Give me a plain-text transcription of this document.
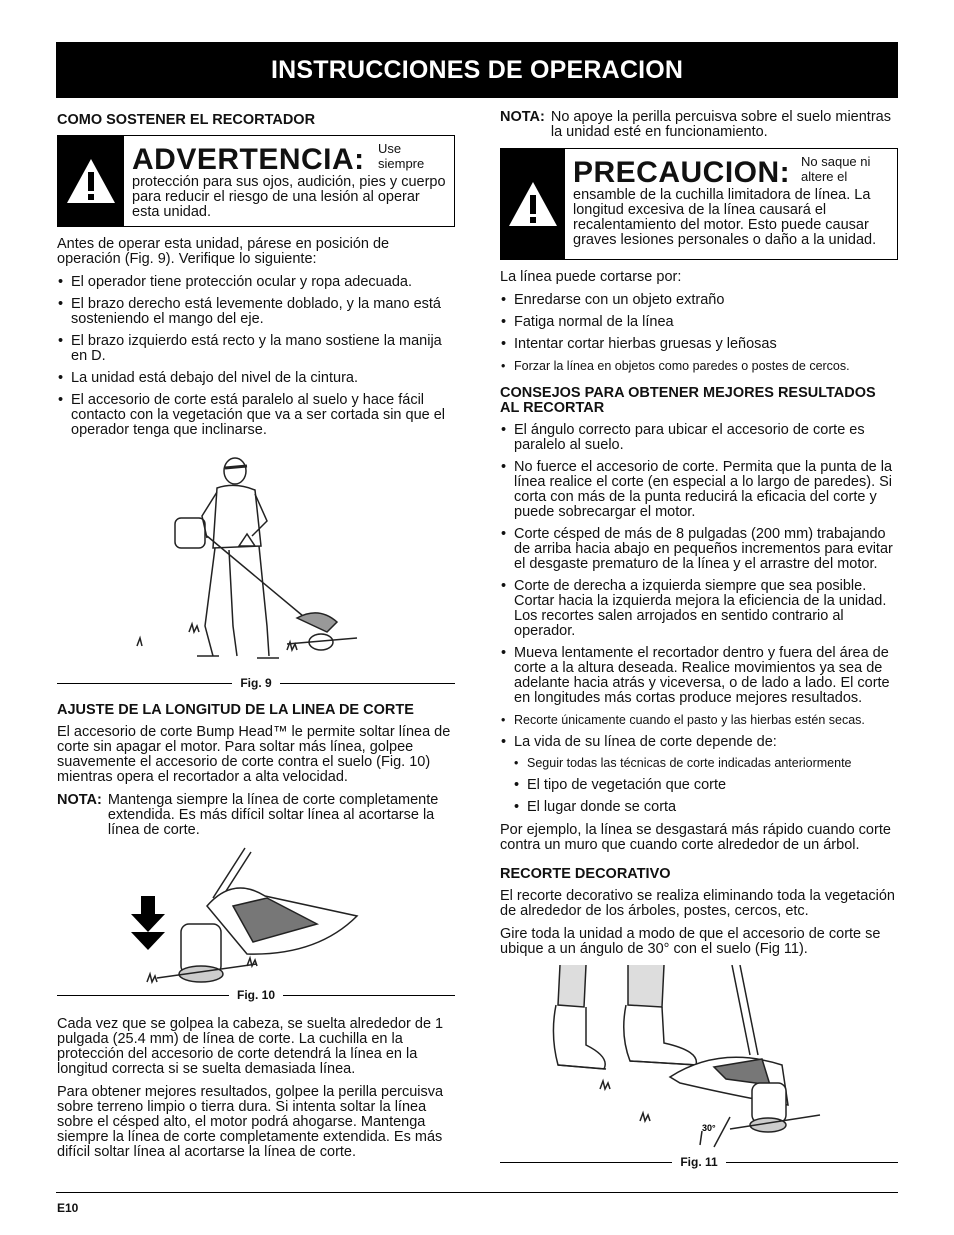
INSTRUCCIONES DE OPERACION
COMO SOSTENER EL RECORTADOR
ADVERTENCIA: Use siempre
protección para sus ojos, audición, pies y cuerpo para reducir el riesgo de una lesión al operar esta unidad.

Antes de operar esta unidad, párese en posición de operación (Fig. 9). Verifique lo siguiente:

• El operador tiene protección ocular y ropa adecuada.
• El brazo derecho está levemente doblado, y la mano está sosteniendo el mango del eje.
• El brazo izquierdo está recto y la mano sostiene la manija en D.
• La unidad está debajo del nivel de la cintura.
• El accesorio de corte está paralelo al suelo y hace fácil contacto con la vegetación que va a ser cortada sin que el operador tenga que inclinarse.
Fig. 9
AJUSTE DE LA LONGITUD DE LA LINEA DE CORTE

El accesorio de corte Bump Head™ le permite soltar línea de corte sin apagar el motor. Para soltar más línea, golpee suavemente el accesorio de corte contra el suelo (Fig. 10) mientras opera el recortador a alta velocidad.

NOTA: Mantenga siempre la línea de corte completamente extendida. Es más difícil soltar línea al acortarse la línea de corte.
Fig. 10

Cada vez que se golpea la cabeza, se suelta alrededor de 1 pulgada (25.4 mm) de línea de corte. La cuchilla en la protección del accesorio de corte detendrá la línea en la longitud correcta si se suelta demasiada línea.

Para obtener mejores resultados, golpee la perilla percuisva sobre terreno limpio o tierra dura. Si intenta soltar la línea sobre el césped alto, el motor podrá ahogarse. Mantenga siempre la línea de corte completamente extendida. Es más difícil soltar línea al acortarse la línea de corte.

NOTA: No apoye la perilla percuisva sobre el suelo mientras la unidad esté en funcionamiento.
PRECAUCION: No saque ni altere el
ensamble de la cuchilla limitadora de línea. La longitud excesiva de la línea causará el recalentamiento del motor. Esto puede causar graves lesiones personales o daño a la unidad.

La línea puede cortarse por:

• Enredarse con un objeto extraño
• Fatiga normal de la línea
• Intentar cortar hierbas gruesas y leñosas
• Forzar la línea en objetos como paredes o postes de cercos.
CONSEJOS PARA OBTENER MEJORES RESULTADOS AL RECORTAR
• El ángulo correcto para ubicar el accesorio de corte es paralelo al suelo.
• No fuerce el accesorio de corte. Permita que la punta de la línea realice el corte (en especial a lo largo de paredes). Si corta con más de la punta reducirá la eficacia del corte y puede sobrecargar el motor.
• Corte césped de más de 8 pulgadas (200 mm) trabajando de arriba hacia abajo en pequeños incrementos para evitar el desgaste prematuro de la línea y el arrastre del motor.
• Corte de derecha a izquierda siempre que sea posible. Cortar hacia la izquierda mejora la eficiencia de la unidad. Los recortes salen arrojados en sentido contrario al operador.
• Mueva lentamente el recortador dentro y fuera del área de corte a la altura deseada. Realice movimientos ya sea de adelante hacia atrás y viceversa, o de lado a lado. El corte en longitudes más cortas produce mejores resultados.
• Recorte únicamente cuando el pasto y las hierbas estén secas.
• La vida de su línea de corte depende de:
• Seguir todas las técnicas de corte indicadas anteriormente
• El tipo de vegetación que corte
• El lugar donde se corta

Por ejemplo, la línea se desgastará más rápido cuando corte contra un muro que cuando corte alrededor de un árbol.

RECORTE DECORATIVO

El recorte decorativo se realiza eliminando toda la vegetación de alrededor de los árboles, postes, cercos, etc.

Gire toda la unidad a modo de que el accesorio de corte se ubique a un ángulo de 30° con el suelo (Fig 11).

30°
Fig. 11
E10
